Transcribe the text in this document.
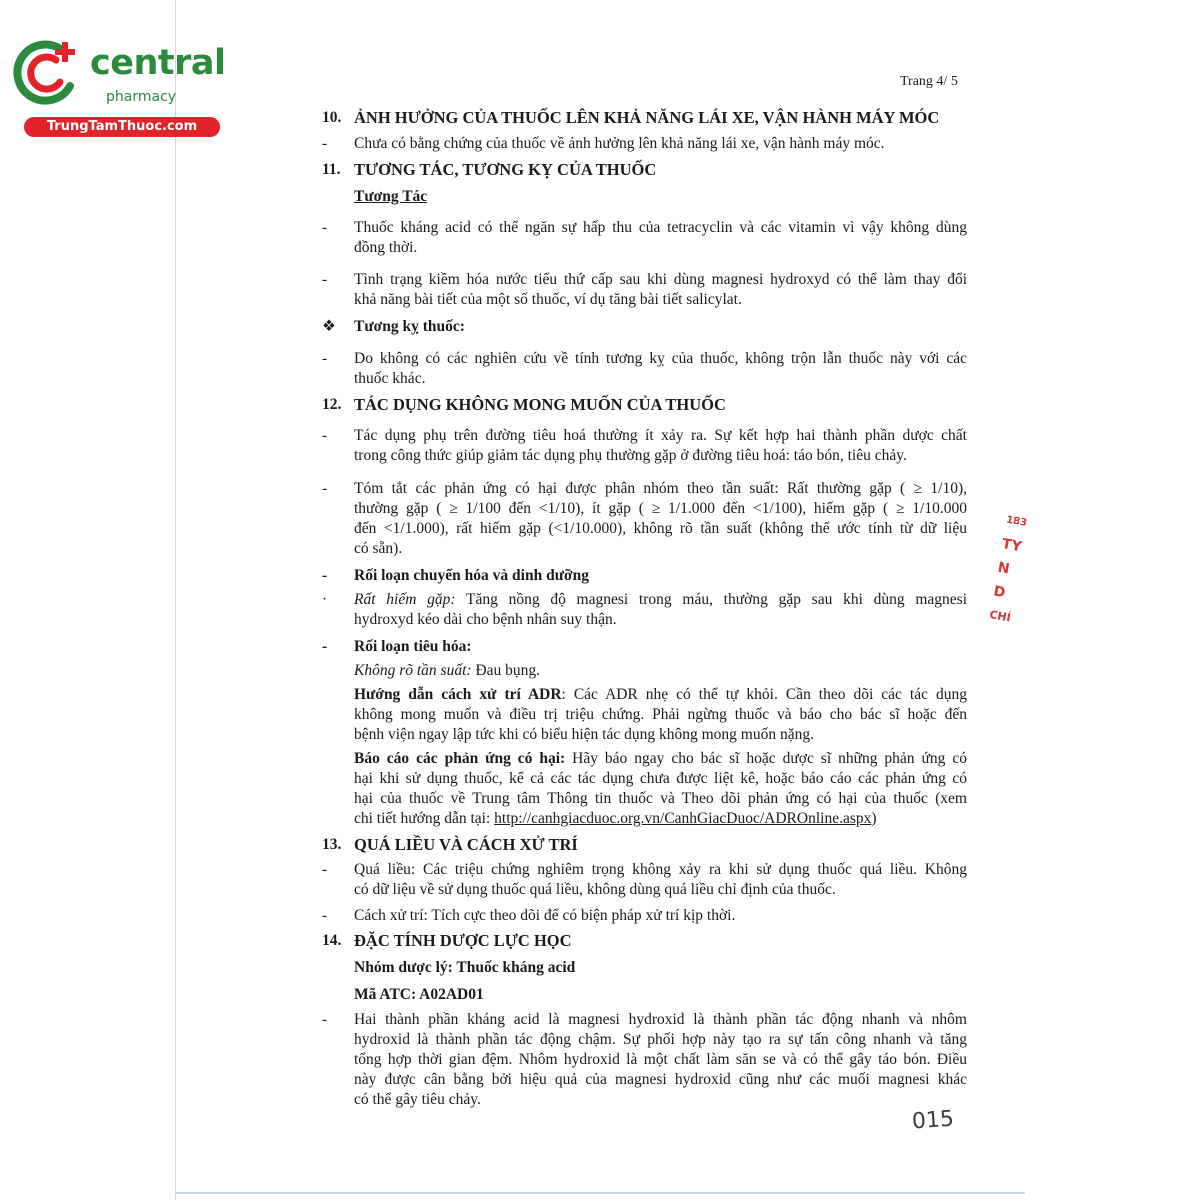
central
pharmacy
TrungTamThuoc.com
Trang 4/ 5
10. ẢNH HƯỞNG CỦA THUỐC LÊN KHẢ NĂNG LÁI XE, VẬN HÀNH MÁY MÓC
- Chưa có bằng chứng của thuốc về ảnh hưởng lên khả năng lái xe, vận hành máy móc.
11. TƯƠNG TÁC, TƯƠNG KỴ CỦA THUỐC
Tương Tác
- Thuốc kháng acid có thể ngăn sự hấp thu của tetracyclin và các vitamin vì vậy không dùng
đồng thời.
- Tình trạng kiềm hóa nước tiểu thứ cấp sau khi dùng magnesi hydroxyd có thể làm thay đổi
khả năng bài tiết của một số thuốc, ví dụ tăng bài tiết salicylat.
❖ Tương kỵ thuốc:
- Do không có các nghiên cứu về tính tương kỵ của thuốc, không trộn lẫn thuốc này với các
thuốc khác.
12. TÁC DỤNG KHÔNG MONG MUỐN CỦA THUỐC
- Tác dụng phụ trên đường tiêu hoá thường ít xảy ra. Sự kết hợp hai thành phần dược chất
trong công thức giúp giảm tác dụng phụ thường gặp ở đường tiêu hoá: táo bón, tiêu chảy.
- Tóm tắt các phản ứng có hại được phân nhóm theo tần suất: Rất thường gặp ( ≥ 1/10),
thường gặp ( ≥ 1/100 đến <1/10), ít gặp ( ≥ 1/1.000 đến <1/100), hiếm gặp ( ≥ 1/10.000
đến <1/1.000), rất hiếm gặp (<1/10.000), không rõ tần suất (không thể ước tính từ dữ liệu
có sẵn).
- Rối loạn chuyển hóa và dinh dưỡng
· Rất hiếm gặp: Tăng nồng độ magnesi trong máu, thường gặp sau khi dùng magnesi
hydroxyd kéo dài cho bệnh nhân suy thận.
- Rối loạn tiêu hóa:
Không rõ tần suất: Đau bụng.
Hướng dẫn cách xử trí ADR: Các ADR nhẹ có thể tự khỏi. Cần theo dõi các tác dụng
không mong muốn và điều trị triệu chứng. Phải ngừng thuốc và báo cho bác sĩ hoặc đến
bệnh viện ngay lập tức khi có biểu hiện tác dụng không mong muốn nặng.
Báo cáo các phản ứng có hại: Hãy báo ngay cho bác sĩ hoặc dược sĩ những phản ứng có
hại khi sử dụng thuốc, kể cả các tác dụng chưa được liệt kê, hoặc báo cáo các phản ứng có
hại của thuốc về Trung tâm Thông tin thuốc và Theo dõi phản ứng có hại của thuốc (xem
chi tiết hướng dẫn tại: http://canhgiacduoc.org.vn/CanhGiacDuoc/ADROnline.aspx)
13. QUÁ LIỀU VÀ CÁCH XỬ TRÍ
- Quá liều: Các triệu chứng nghiêm trọng không xảy ra khi sử dụng thuốc quá liều. Không
có dữ liệu về sử dụng thuốc quá liều, không dùng quá liều chỉ định của thuốc.
- Cách xử trí: Tích cực theo dõi để có biện pháp xử trí kịp thời.
14. ĐẶC TÍNH DƯỢC LỰC HỌC
Nhóm dược lý: Thuốc kháng acid
Mã ATC: A02AD01
- Hai thành phần kháng acid là magnesi hydroxid là thành phần tác động nhanh và nhôm
hydroxid là thành phần tác động chậm. Sự phối hợp này tạo ra sự tấn công nhanh và tăng
tổng hợp thời gian đệm. Nhôm hydroxid là một chất làm săn se và có thể gây táo bón. Điều
này được cân bằng bởi hiệu quả của magnesi hydroxid cũng như các muối magnesi khác
có thể gây tiêu chảy.
183
TY
N
D
CHÍ
015
